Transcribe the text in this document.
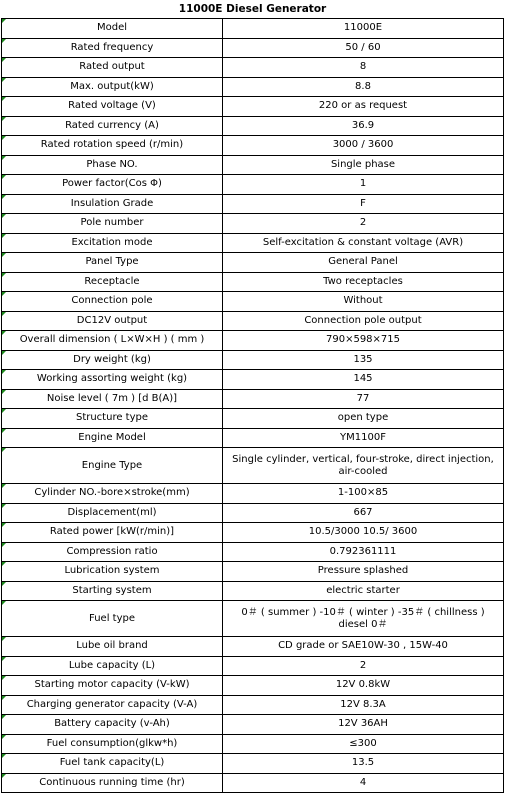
11000E Diesel Generator
Model	11000E
Rated frequency	50 / 60
Rated output	8
Max. output(kW)	8.8
Rated voltage (V)	220 or as request
Rated currency (A)	36.9
Rated rotation speed (r/min)	3000 / 3600
Phase NO.	Single phase
Power factor(Cos Φ)	1
Insulation Grade	F
Pole number	2
Excitation mode	Self-excitation & constant voltage (AVR)
Panel Type	General Panel
Receptacle	Two receptacles
Connection pole	Without
DC12V output	Connection pole output
Overall dimension ( L×W×H ) ( mm )	790×598×715
Dry weight (kg)	135
Working assorting weight (kg)	145
Noise level ( 7m ) [d B(A)]	77
Structure type	open type
Engine Model	YM1100F
Engine Type	Single cylinder, vertical, four-stroke, direct injection, air-cooled
Cylinder NO.-bore×stroke(mm)	1-100×85
Displacement(ml)	667
Rated power [kW(r/min)]	10.5/3000 10.5/ 3600
Compression ratio	0.792361111
Lubrication system	Pressure splashed
Starting system	electric starter
Fuel type	0＃ ( summer ) -10＃ ( winter ) -35＃ ( chillness ) diesel 0＃
Lube oil brand	CD grade or SAE10W-30 , 15W-40
Lube capacity (L)	2
Starting motor capacity (V-kW)	12V 0.8kW
Charging generator capacity (V-A)	12V 8.3A
Battery capacity (v-Ah)	12V 36AH
Fuel consumption(glkw*h)	≤300
Fuel tank capacity(L)	13.5
Continuous running time (hr)	4
